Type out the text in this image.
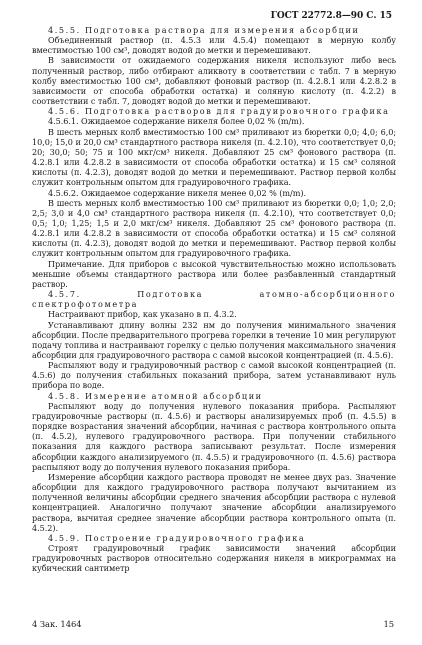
ГОСТ 22772.8—90 С. 15

4.5.5. Подготовка раствора для измерения абсорбции

Объединенный раствор (п. 4.5.3 или 4.5.4) помещают в мерную колбу вместимостью 100 см³, доводят водой до метки и перемешивают.

В зависимости от ожидаемого содержания никеля используют либо весь полученный раствор, либо отбирают аликвоту в соответствии с табл. 7 в мерную колбу вместимостью 100 см³, добавляют фоновый раствор (п. 4.2.8.1 или 4.2.8.2 в зависимости от способа обработки остатка) и соляную кислоту (п. 4.2.2) в соответствии с табл. 7, доводят водой до метки и перемешивают.

4.5.6. Подготовка растворов для градуировочного графика

4.5.6.1. Ожидаемое содержание никеля более 0,02 % (m/m).

В шесть мерных колб вместимостью 100 см³ приливают из бюретки 0,0; 4,0; 6,0; 10,0; 15,0 и 20,0 см³ стандартного раствора никеля (п. 4.2.10), что соответствует 0,0; 20; 30,0; 50; 75 и 100 мкг/см³ никеля. Добавляют 25 см³ фонового раствора (п. 4.2.8.1 или 4.2.8.2 в зависимости от способа обработки остатка) и 15 см³ соляной кислоты (п. 4.2.3), доводят водой до метки и перемешивают. Раствор первой колбы служит контрольным опытом для градуировочного графика.

4.5.6.2. Ожидаемое содержание никеля менее 0,02 % (m/m).

В шесть мерных колб вместимостью 100 см³ приливают из бюретки 0,0; 1,0; 2,0; 2,5; 3,0 и 4,0 см³ стандартного раствора никеля (п. 4.2.10), что соответствует 0,0; 0,5; 1,0; 1,25; 1,5 и 2,0 мкг/см³ никеля. Добавляют 25 см³ фонового раствора (п. 4.2.8.1 или 4.2.8.2 в зависимости от способа обработки остатка) и 15 см³ соляной кислоты (п. 4.2.3), доводят водой до метки и перемешивают. Раствор первой колбы служит контрольным опытом для градуировочного графика.

Примечание. Для приборов с высокой чувствительностью можно использовать меньшие объемы стандартного раствора или более разбавленный стандартный раствор.

4.5.7. Подготовка атомно-абсорбционного спектрофотометра

Настраивают прибор, как указано в п. 4.3.2.

Устанавливают длину волны 232 нм до получения минимального значения абсорбции. После предварительного прогрева горелки в течение 10 мин регулируют подачу топлива и настраивают горелку с целью получения максимального значения абсорбции для градуировочного раствора с самой высокой концентрацией (п. 4.5.6).

Распыляют воду и градуировочный раствор с самой высокой концентрацией (п. 4.5.6) до получения стабильных показаний прибора, затем устанавливают нуль прибора по воде.

4.5.8. Измерение атомной абсорбции

Распыляют воду до получения нулевого показания прибора. Распыляют градуировочные растворы (п. 4.5.6) и растворы анализируемых проб (п. 4.5.5) в порядке возрастания значений абсорбции, начиная с раствора контрольного опыта (п. 4.5.2), нулевого градуировочного раствора. При получении стабильного показания для каждого раствора записывают результат. После измерения абсорбции каждого анализируемого (п. 4.5.5) и градуировочного (п. 4.5.6) раствора распыляют воду до получения нулевого показания прибора.

Измерение абсорбции каждого раствора проводят не менее двух раз. Значение абсорбции для каждого градуировочного раствора получают вычитанием из полученной величины абсорбции среднего значения абсорбции раствора с нулевой концентрацией. Аналогично получают значение абсорбции анализируемого раствора, вычитая среднее значение абсорбции раствора контрольного опыта (п. 4.5.2).

4.5.9. Построение градуировочного графика

Строят градуировочный график зависимости значений абсорбции градуировочных растворов относительно содержания никеля в микрограммах на кубический сантиметр

4 Зак. 1464	15
